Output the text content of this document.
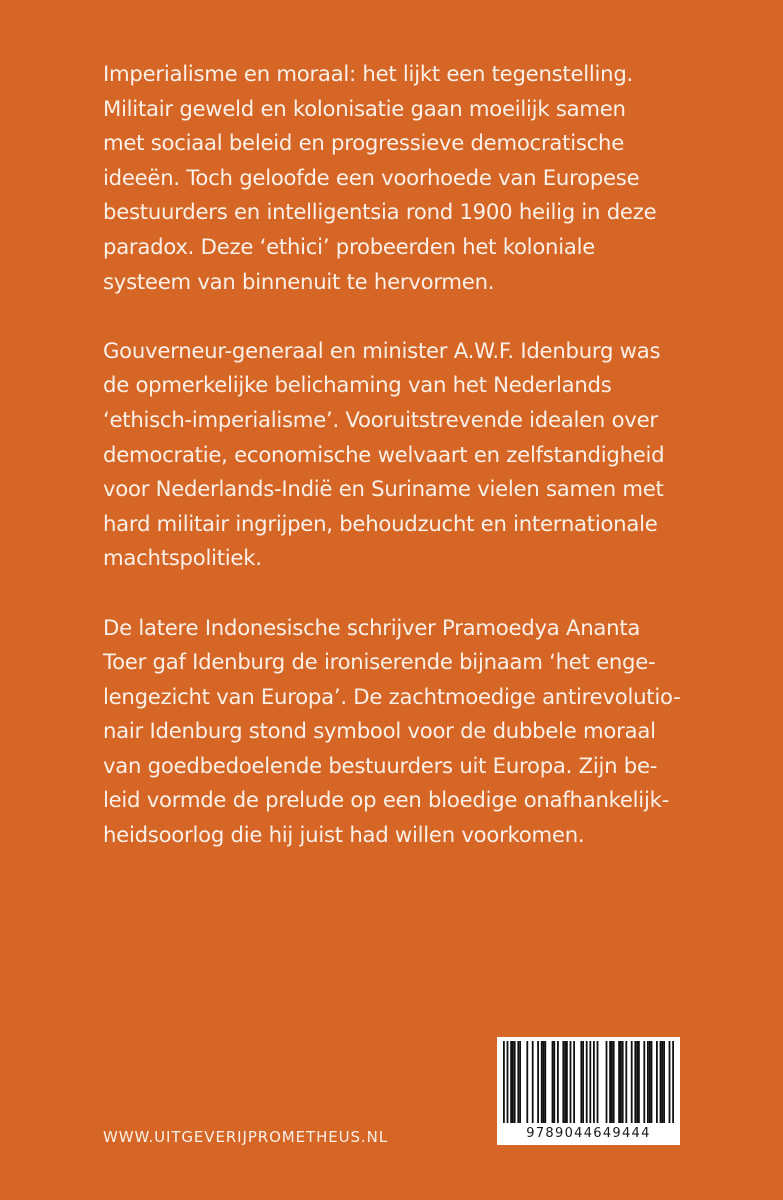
Imperialisme en moraal: het lijkt een tegenstelling.
Militair geweld en kolonisatie gaan moeilijk samen
met sociaal beleid en progressieve democratische
ideeën. Toch geloofde een voorhoede van Europese
bestuurders en intelligentsia rond 1900 heilig in deze
paradox. Deze ‘ethici’ probeerden het koloniale
systeem van binnenuit te hervormen.

Gouverneur-generaal en minister A.W.F. Idenburg was
de opmerkelijke belichaming van het Nederlands
‘ethisch-imperialisme’. Vooruitstrevende idealen over
democratie, economische welvaart en zelfstandigheid
voor Nederlands-Indië en Suriname vielen samen met
hard militair ingrijpen, behoudzucht en internationale
machtspolitiek.

De latere Indonesische schrijver Pramoedya Ananta
Toer gaf Idenburg de ironiserende bijnaam ‘het enge-
lengezicht van Europa’. De zachtmoedige antirevolutio-
nair Idenburg stond symbool voor de dubbele moraal
van goedbedoelende bestuurders uit Europa. Zijn be-
leid vormde de prelude op een bloedige onafhankelijk-
heidsoorlog die hij juist had willen voorkomen.

9789044649444
WWW.UITGEVERIJPROMETHEUS.NL
